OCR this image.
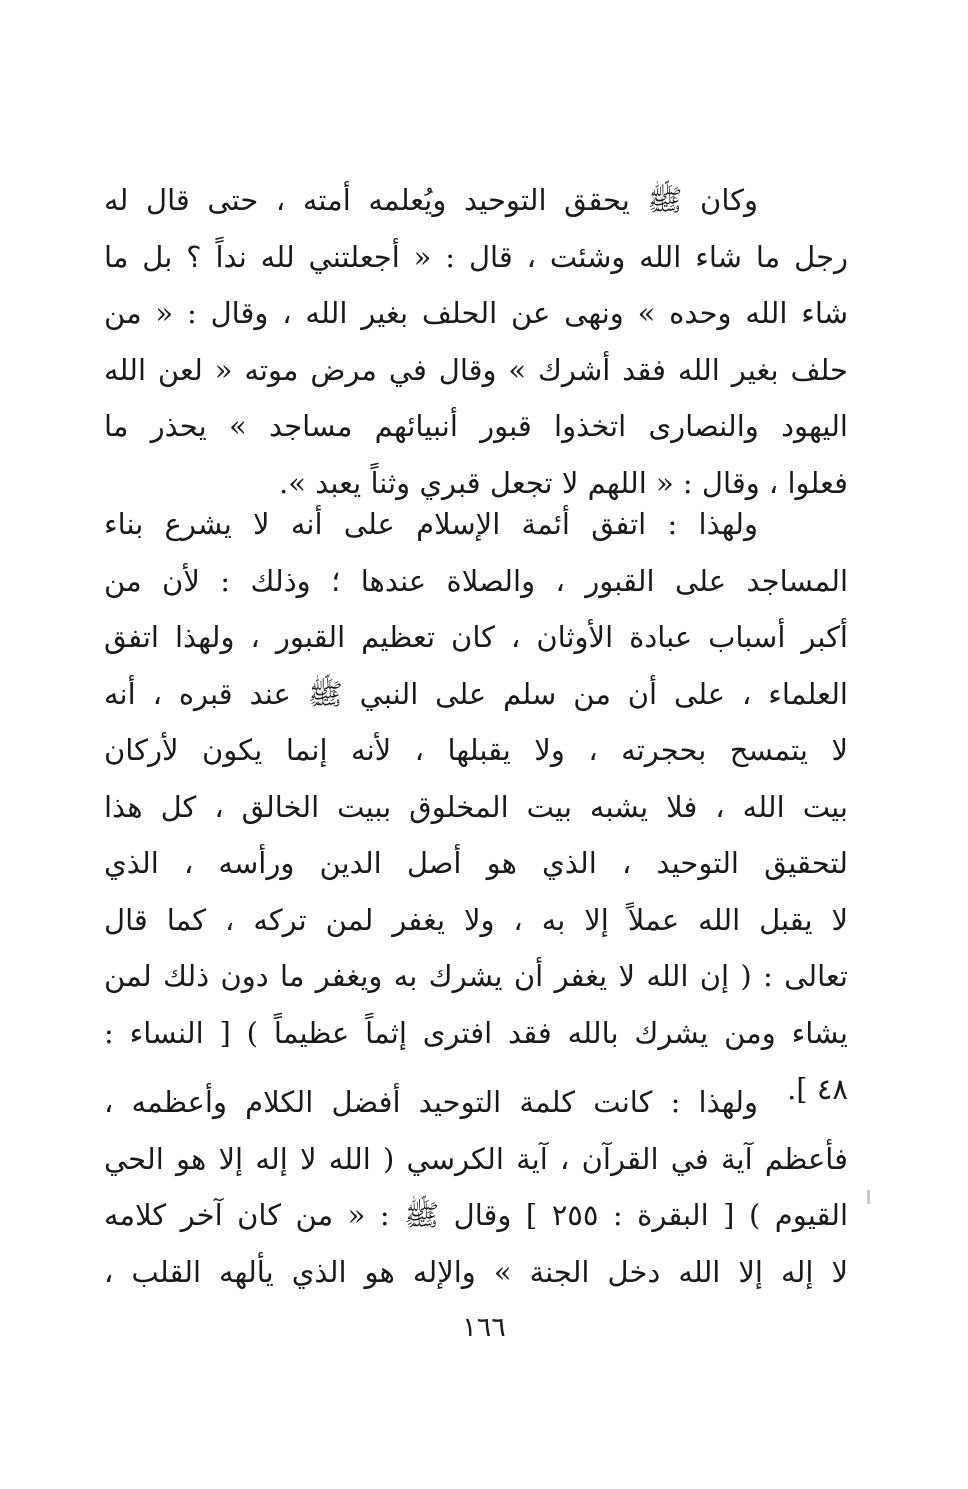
وكان ﷺ يحقق التوحيد ويُعلمه أمته ، حتى قال له
رجل ما شاء الله وشئت ، قال : « أجعلتني لله نداً ؟ بل ما
شاء الله وحده » ونهى عن الحلف بغير الله ، وقال : « من
حلف بغير الله فقد أشرك » وقال في مرض موته « لعن الله
اليهود والنصارى اتخذوا قبور أنبيائهم مساجد » يحذر ما
فعلوا ، وقال : « اللهم لا تجعل قبري وثناً يعبد ».
ولهذا : اتفق أئمة الإسلام على أنه لا يشرع بناء
المساجد على القبور ، والصلاة عندها ؛ وذلك : لأن من
أكبر أسباب عبادة الأوثان ، كان تعظيم القبور ، ولهذا اتفق
العلماء ، على أن من سلم على النبي ﷺ عند قبره ، أنه
لا يتمسح بحجرته ، ولا يقبلها ، لأنه إنما يكون لأركان
بيت الله ، فلا يشبه بيت المخلوق ببيت الخالق ، كل هذا
لتحقيق التوحيد ، الذي هو أصل الدين ورأسه ، الذي
لا يقبل الله عملاً إلا به ، ولا يغفر لمن تركه ، كما قال
تعالى : ( إن الله لا يغفر أن يشرك به ويغفر ما دون ذلك لمن
يشاء ومن يشرك بالله فقد افترى إثماً عظيماً ) [ النساء :
٤٨ ].
ولهذا : كانت كلمة التوحيد أفضل الكلام وأعظمه ،
فأعظم آية في القرآن ، آية الكرسي ( الله لا إله إلا هو الحي
القيوم ) [ البقرة : ٢٥٥ ] وقال ﷺ : « من كان آخر كلامه
لا إله إلا الله دخل الجنة » والإله هو الذي يألهه القلب ،
١٦٦
